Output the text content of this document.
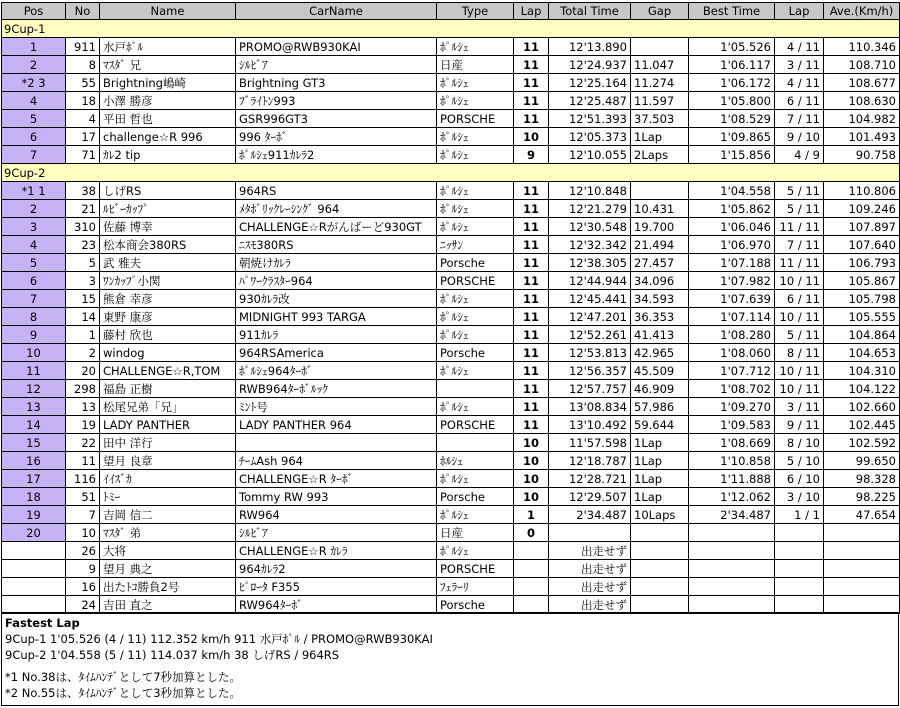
Pos	No	Name	CarName	Type	Lap	Total Time	Gap	Best Time	Lap	Ave.(Km/h)
9Cup-1										
1	911	水戸ﾎﾟﾙ	PROMO@RWB930KAI	ﾎﾟﾙｼｪ	11	12'13.890		1'05.526	4 / 11	110.346
2	8	ﾏｽﾀﾞ 兄	ｼﾙﾋﾞｱ	日産	11	12'24.937	11.047	1'06.117	3 / 11	108.710
*2 3	55	Brightning嶋崎	Brightning GT3	ﾎﾟﾙｼｪ	11	12'25.164	11.274	1'06.172	4 / 11	108.677
4	18	小澤 勝彦	ﾌﾞﾗｲﾄﾝ993	ﾎﾟﾙｼｪ	11	12'25.487	11.597	1'05.800	6 / 11	108.630
5	4	平田 哲也	GSR996GT3	PORSCHE	11	12'51.393	37.503	1'08.529	7 / 11	104.982
6	17	challenge☆R 996	996 ﾀｰﾎﾞ	ﾎﾟﾙｼｪ	10	12'05.373	1Lap	1'09.865	9 / 10	101.493
7	71	ｶﾚ2 tip	ﾎﾟﾙｼｪ911ｶﾚﾗ2	ﾎﾟﾙｼｪ	9	12'10.055	2Laps	1'15.856	4 / 9	90.758
9Cup-2										
*1 1	38	しげRS	964RS	ﾎﾟﾙｼｪ	11	12'10.848		1'04.558	5 / 11	110.806
2	21	ﾙﾋﾞｰｶｯﾌﾟ	ﾒﾀﾎﾞﾘｯｸﾚｰｼﾝｸﾞ 964	ﾎﾟﾙｼｪ	11	12'21.279	10.431	1'05.862	5 / 11	109.246
3	310	佐藤 博幸	CHALLENGE☆Rがんばーど930GT	ﾎﾟﾙｼｪ	11	12'30.548	19.700	1'06.046	11 / 11	107.897
4	23	松本商会380RS	ﾆｽﾓ380RS	ﾆｯｻﾝ	11	12'32.342	21.494	1'06.970	7 / 11	107.640
5	5	武 雅夫	朝焼けｶﾚﾗ	Porsche	11	12'38.305	27.457	1'07.188	11 / 11	106.793
6	3	ﾜﾝｶｯﾌﾟ小関	ﾊﾟﾜｰｸﾗｽﾀｰ964	PORSCHE	11	12'44.944	34.096	1'07.982	10 / 11	105.867
7	15	熊倉 幸彦	930ｶﾚﾗ改	ﾎﾟﾙｼｪ	11	12'45.441	34.593	1'07.639	6 / 11	105.798
8	14	東野 康彦	MIDNIGHT 993 TARGA	ﾎﾟﾙｼｪ	11	12'47.201	36.353	1'07.114	10 / 11	105.555
9	1	藤村 欣也	911ｶﾚﾗ	ﾎﾟﾙｼｪ	11	12'52.261	41.413	1'08.280	5 / 11	104.864
10	2	windog	964RSAmerica	Porsche	11	12'53.813	42.965	1'08.060	8 / 11	104.653
11	20	CHALLENGE☆R,TOM	ﾎﾟﾙｼｪ964ﾀｰﾎﾞ	ﾎﾟﾙｼｪ	11	12'56.357	45.509	1'07.712	10 / 11	104.310
12	298	福島 正樹	RWB964ﾀｰﾎﾞﾙｯｸ		11	12'57.757	46.909	1'08.702	10 / 11	104.122
13	13	松尾兄弟「兄」	ﾐﾝﾄ号	ﾎﾟﾙｼｪ	11	13'08.834	57.986	1'09.270	3 / 11	102.660
14	19	LADY PANTHER	LADY PANTHER 964	PORSCHE	11	13'10.492	59.644	1'09.583	9 / 11	102.445
15	22	田中 洋行			10	11'57.598	1Lap	1'08.669	8 / 10	102.592
16	11	望月 良章	ﾁｰﾑAsh 964	ﾎﾙｼｪ	10	12'18.787	1Lap	1'10.858	5 / 10	99.650
17	116	ｲｲｽﾞｶ	CHALLENGE☆R ﾀｰﾎﾞ	ﾎﾟﾙｼｪ	10	12'28.721	1Lap	1'11.888	6 / 10	98.328
18	51	ﾄﾐｰ	Tommy RW 993	Porsche	10	12'29.507	1Lap	1'12.062	3 / 10	98.225
19	7	吉岡 信二	RW964	ﾎﾟﾙｼｪ	1	2'34.487	10Laps	2'34.487	1 / 1	47.654
20	10	ﾏｽﾀﾞ 弟	ｼﾙﾋﾞｱ	日産	0					
	26	大将	CHALLENGE☆R ｶﾚﾗ	ﾎﾟﾙｼｪ		出走せず				
	9	望月 典之	964ｶﾚﾗ2	PORSCHE		出走せず				
	16	出たﾄｺ勝負2号	ﾋﾟﾛｰﾀ F355	ﾌｪﾗｰﾘ		出走せず				
	24	吉田 直之	RW964ﾀｰﾎﾞ	Porsche		出走せず				
Fastest Lap
9Cup-1 1'05.526 (4 / 11) 112.352 km/h 911 水戸ﾎﾟﾙ / PROMO@RWB930KAI
9Cup-2 1'04.558 (5 / 11) 114.037 km/h 38 しげRS / 964RS
*1 No.38は、ﾀｲﾑﾊﾝﾃﾞとして7秒加算とした。
*2 No.55は、ﾀｲﾑﾊﾝﾃﾞとして3秒加算とした。
